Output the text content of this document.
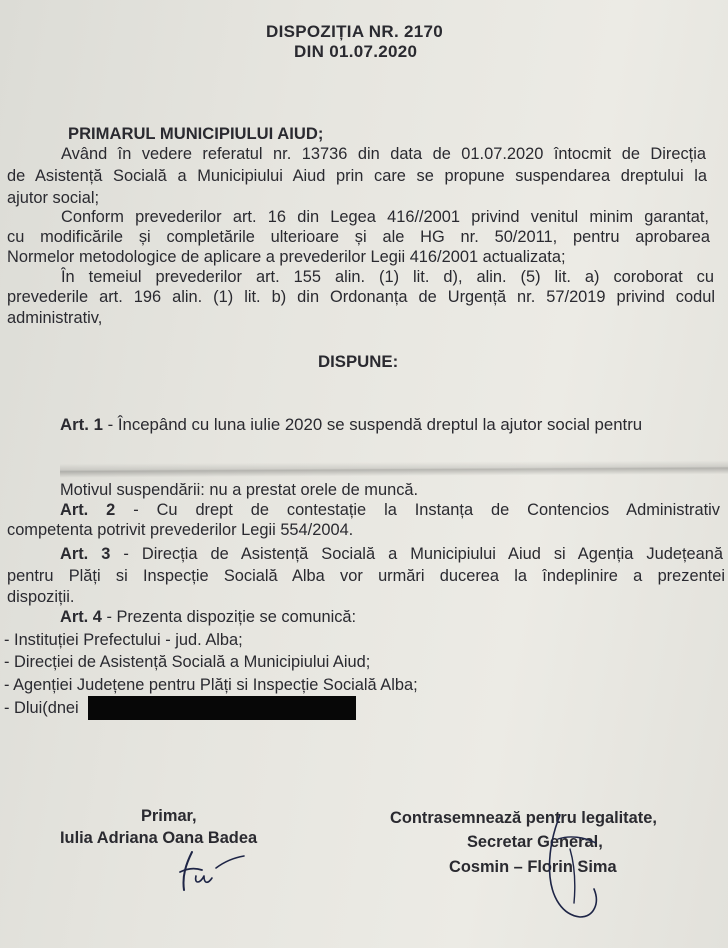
DISPOZIȚIA NR. 2170
DIN 01.07.2020
PRIMARUL MUNICIPIULUI AIUD;
Având în vedere referatul nr. 13736 din data de 01.07.2020 întocmit de Direcția
de Asistență Socială a Municipiului Aiud prin care se propune suspendarea dreptului la
ajutor social;
Conform prevederilor art. 16 din Legea 416//2001 privind venitul minim garantat,
cu modificările și completările ulterioare și ale HG nr. 50/2011, pentru aprobarea
Normelor metodologice de aplicare a prevederilor Legii 416/2001 actualizata;
În temeiul prevederilor art. 155 alin. (1) lit. d), alin. (5) lit. a) coroborat cu
prevederile art. 196 alin. (1) lit. b) din Ordonanța de Urgență nr. 57/2019 privind codul
administrativ,
DISPUNE:
Art. 1 - Începând cu luna iulie 2020 se suspendă dreptul la ajutor social pentru
Motivul suspendării: nu a prestat orele de muncă.
Art. 2 - Cu drept de contestație la Instanța de Contencios Administrativ
competenta potrivit prevederilor Legii 554/2004.
Art. 3 - Direcția de Asistență Socială a Municipiului Aiud si Agenția Județeană
pentru Plăți si Inspecție Socială Alba vor urmări ducerea la îndeplinire a prezentei
dispoziții.
Art. 4 - Prezenta dispoziție se comunică:
- Instituției Prefectului - jud. Alba;
- Direcției de Asistență Socială a Municipiului Aiud;
- Agenției Județene pentru Plăți si Inspecție Socială Alba;
- Dlui(dnei
Primar,
Iulia Adriana Oana Badea
Contrasemnează pentru legalitate,
Secretar General,
Cosmin – Florin Sima
